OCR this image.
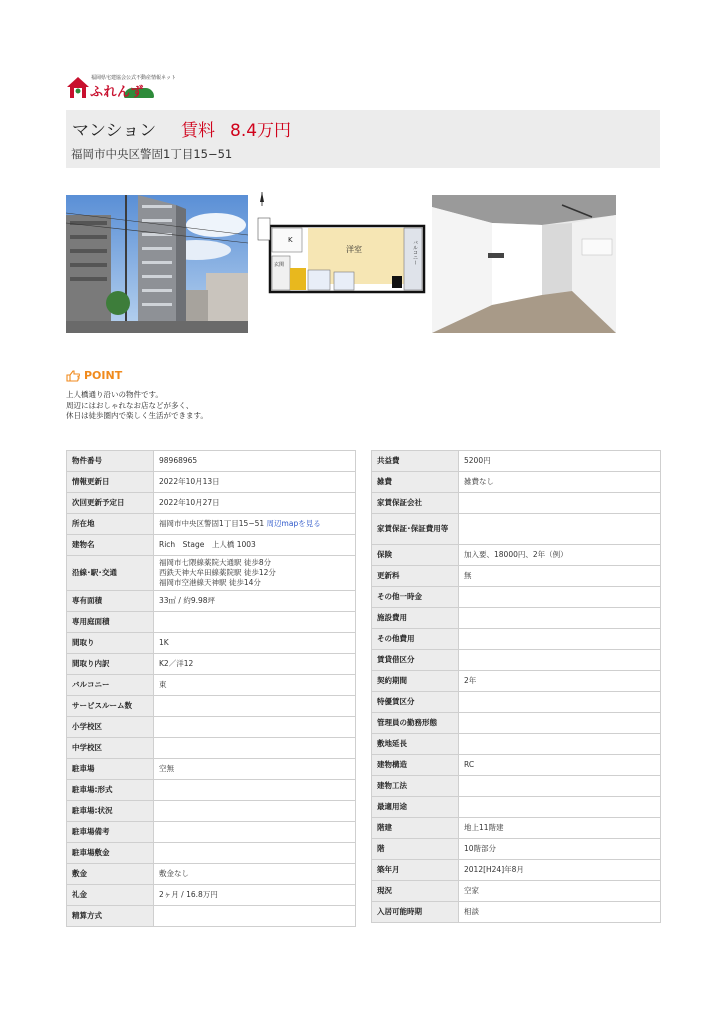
福岡県宅建協会公式不動産情報ネット
ふれんず
マンション 賃料 8.4万円
福岡市中央区警固1丁目15−51
洋室
K
玄関	バルコニー
POINT
上人橋通り沿いの物件です。
周辺にはおしゃれなお店などが多く、
休日は徒歩圏内で楽しく生活ができます。
物件番号	98968965
情報更新日	2022年10月13日
次回更新予定日	2022年10月27日
所在地	福岡市中央区警固1丁目15−51 周辺mapを見る
建物名	Rich　Stage　上人橋 1003
沿線･駅･交通	福岡市七隈線薬院大通駅 徒歩8分
西鉄天神大牟田線薬院駅 徒歩12分
福岡市空港線天神駅 徒歩14分
専有面積	33㎡ / 約9.98坪
専用庭面積	
間取り	1K
間取り内訳	K2／洋12
バルコニー	東
サービスルーム数	
小学校区	
中学校区	
駐車場	空無
駐車場:形式	
駐車場:状況	
駐車場備考	
駐車場敷金	
敷金	敷金なし
礼金	2ヶ月 / 16.8万円
精算方式	
共益費	5200円
雑費	雑費なし
家賃保証会社	
家賃保証･保証費用等	
保険	加入要、18000円、2年（例）
更新料	無
その他一時金	
施設費用	
その他費用	
賃貸借区分	
契約期間	2年
特優賃区分	
管理員の勤務形態	
敷地延長	
建物構造	RC
建物工法	
最適用途	
階建	地上11階建
階	10階部分
築年月	2012[H24]年8月
現況	空家
入居可能時期	相談
